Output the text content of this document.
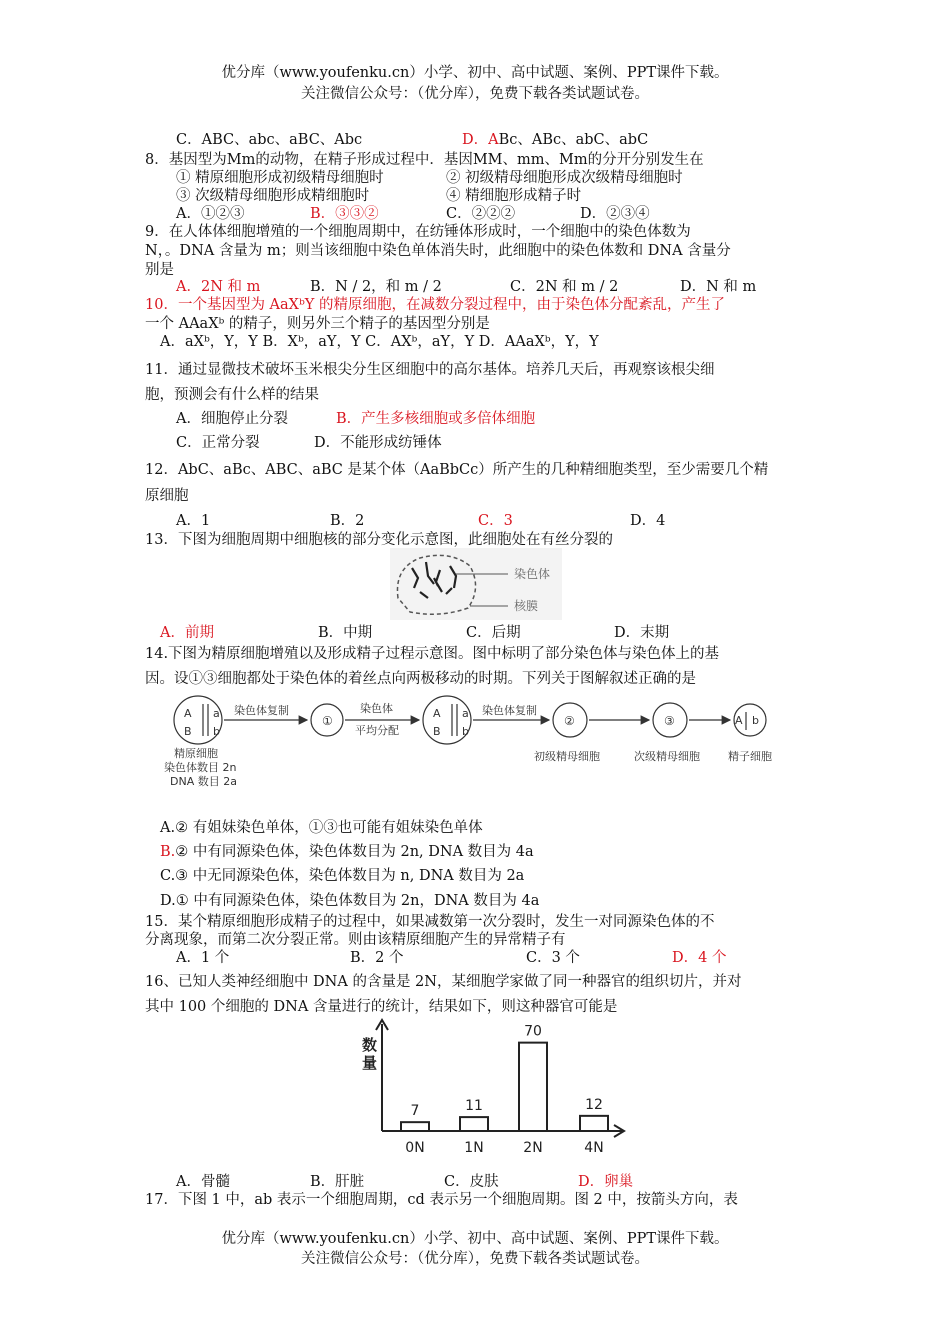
优分库（www.youfenku.cn）小学、初中、高中试题、案例、PPT课件下载。
关注微信公众号：（优分库），免费下载各类试题试卷。
C．ABC、abc、aBC、Abc	D．ABc、ABc、abC、abC
8．基因型为Mm的动物，在精子形成过程中．基因MM、mm、Mm的分开分别发生在
① 精原细胞形成初级精母细胞时	② 初级精母细胞形成次级精母细胞时
③ 次级精母细胞形成精细胞时	④ 精细胞形成精子时
A．①②③	B．③③②	C．②②②	D．②③④
9．在人体体细胞增殖的一个细胞周期中，在纺锤体形成时，一个细胞中的染色体数为
N，。DNA 含量为 m；则当该细胞中染色单体消失时，此细胞中的染色体数和 DNA 含量分
别是
A．2N 和 m	B．N / 2，和 m / 2	C．2N 和 m / 2	D．N 和 m
10．一个基因型为 AaXᵇY 的精原细胞，在减数分裂过程中，由于染色体分配紊乱，产生了
一个 AAaXᵇ 的精子，则另外三个精子的基因型分别是
A．aXᵇ，Y，Y B．Xᵇ，aY，Y C．AXᵇ，aY，Y D．AAaXᵇ，Y，Y
11．通过显微技术破坏玉米根尖分生区细胞中的高尔基体。培养几天后，再观察该根尖细
胞，预测会有什么样的结果
A．细胞停止分裂	B．产生多核细胞或多倍体细胞
C．正常分裂	D．不能形成纺锤体
12．AbC、aBc、ABC、aBC 是某个体（AaBbCc）所产生的几种精细胞类型，至少需要几个精
原细胞
A．1	B．2	C．3	D．4
13．下图为细胞周期中细胞核的部分变化示意图，此细胞处在有丝分裂的
染色体
核膜
A．前期	B．中期	C．后期	D．末期
14.下图为精原细胞增殖以及形成精子过程示意图。图中标明了部分染色体与染色体上的基
因。设①③细胞都处于染色体的着丝点向两极移动的时期。下列关于图解叙述正确的是
A a
B b
A a
B b
A b
①	②	③
染色体复制	染色体
平均分配
染色体复制
精原细胞
染色体数目 2n
DNA 数目 2a
初级精母细胞	次级精母细胞	精子细胞
A.② 有姐妹染色单体，①③也可能有姐妹染色单体
B.② 中有同源染色体，染色体数目为 2n, DNA 数目为 4a
C.③ 中无同源染色体，染色体数目为 n, DNA 数目为 2a
D.① 中有同源染色体，染色体数目为 2n，DNA 数目为 4a
15．某个精原细胞形成精子的过程中，如果减数第一次分裂时，发生一对同源染色体的不
分离现象，而第二次分裂正常。则由该精原细胞产生的异常精子有
A．1 个	B．2 个	C．3 个	D．4 个
16、已知人类神经细胞中 DNA 的含量是 2N，某细胞学家做了同一种器官的组织切片，并对
其中 100 个细胞的 DNA 含量进行的统计，结果如下，则这种器官可能是
数
量
7
0N
11
1N
70
2N
12
4N
A．骨髓	B．肝脏	C．皮肤	D．卵巢
17．下图 1 中，ab 表示一个细胞周期，cd 表示另一个细胞周期。图 2 中，按箭头方向，表
优分库（www.youfenku.cn）小学、初中、高中试题、案例、PPT课件下载。
关注微信公众号：（优分库），免费下载各类试题试卷。
